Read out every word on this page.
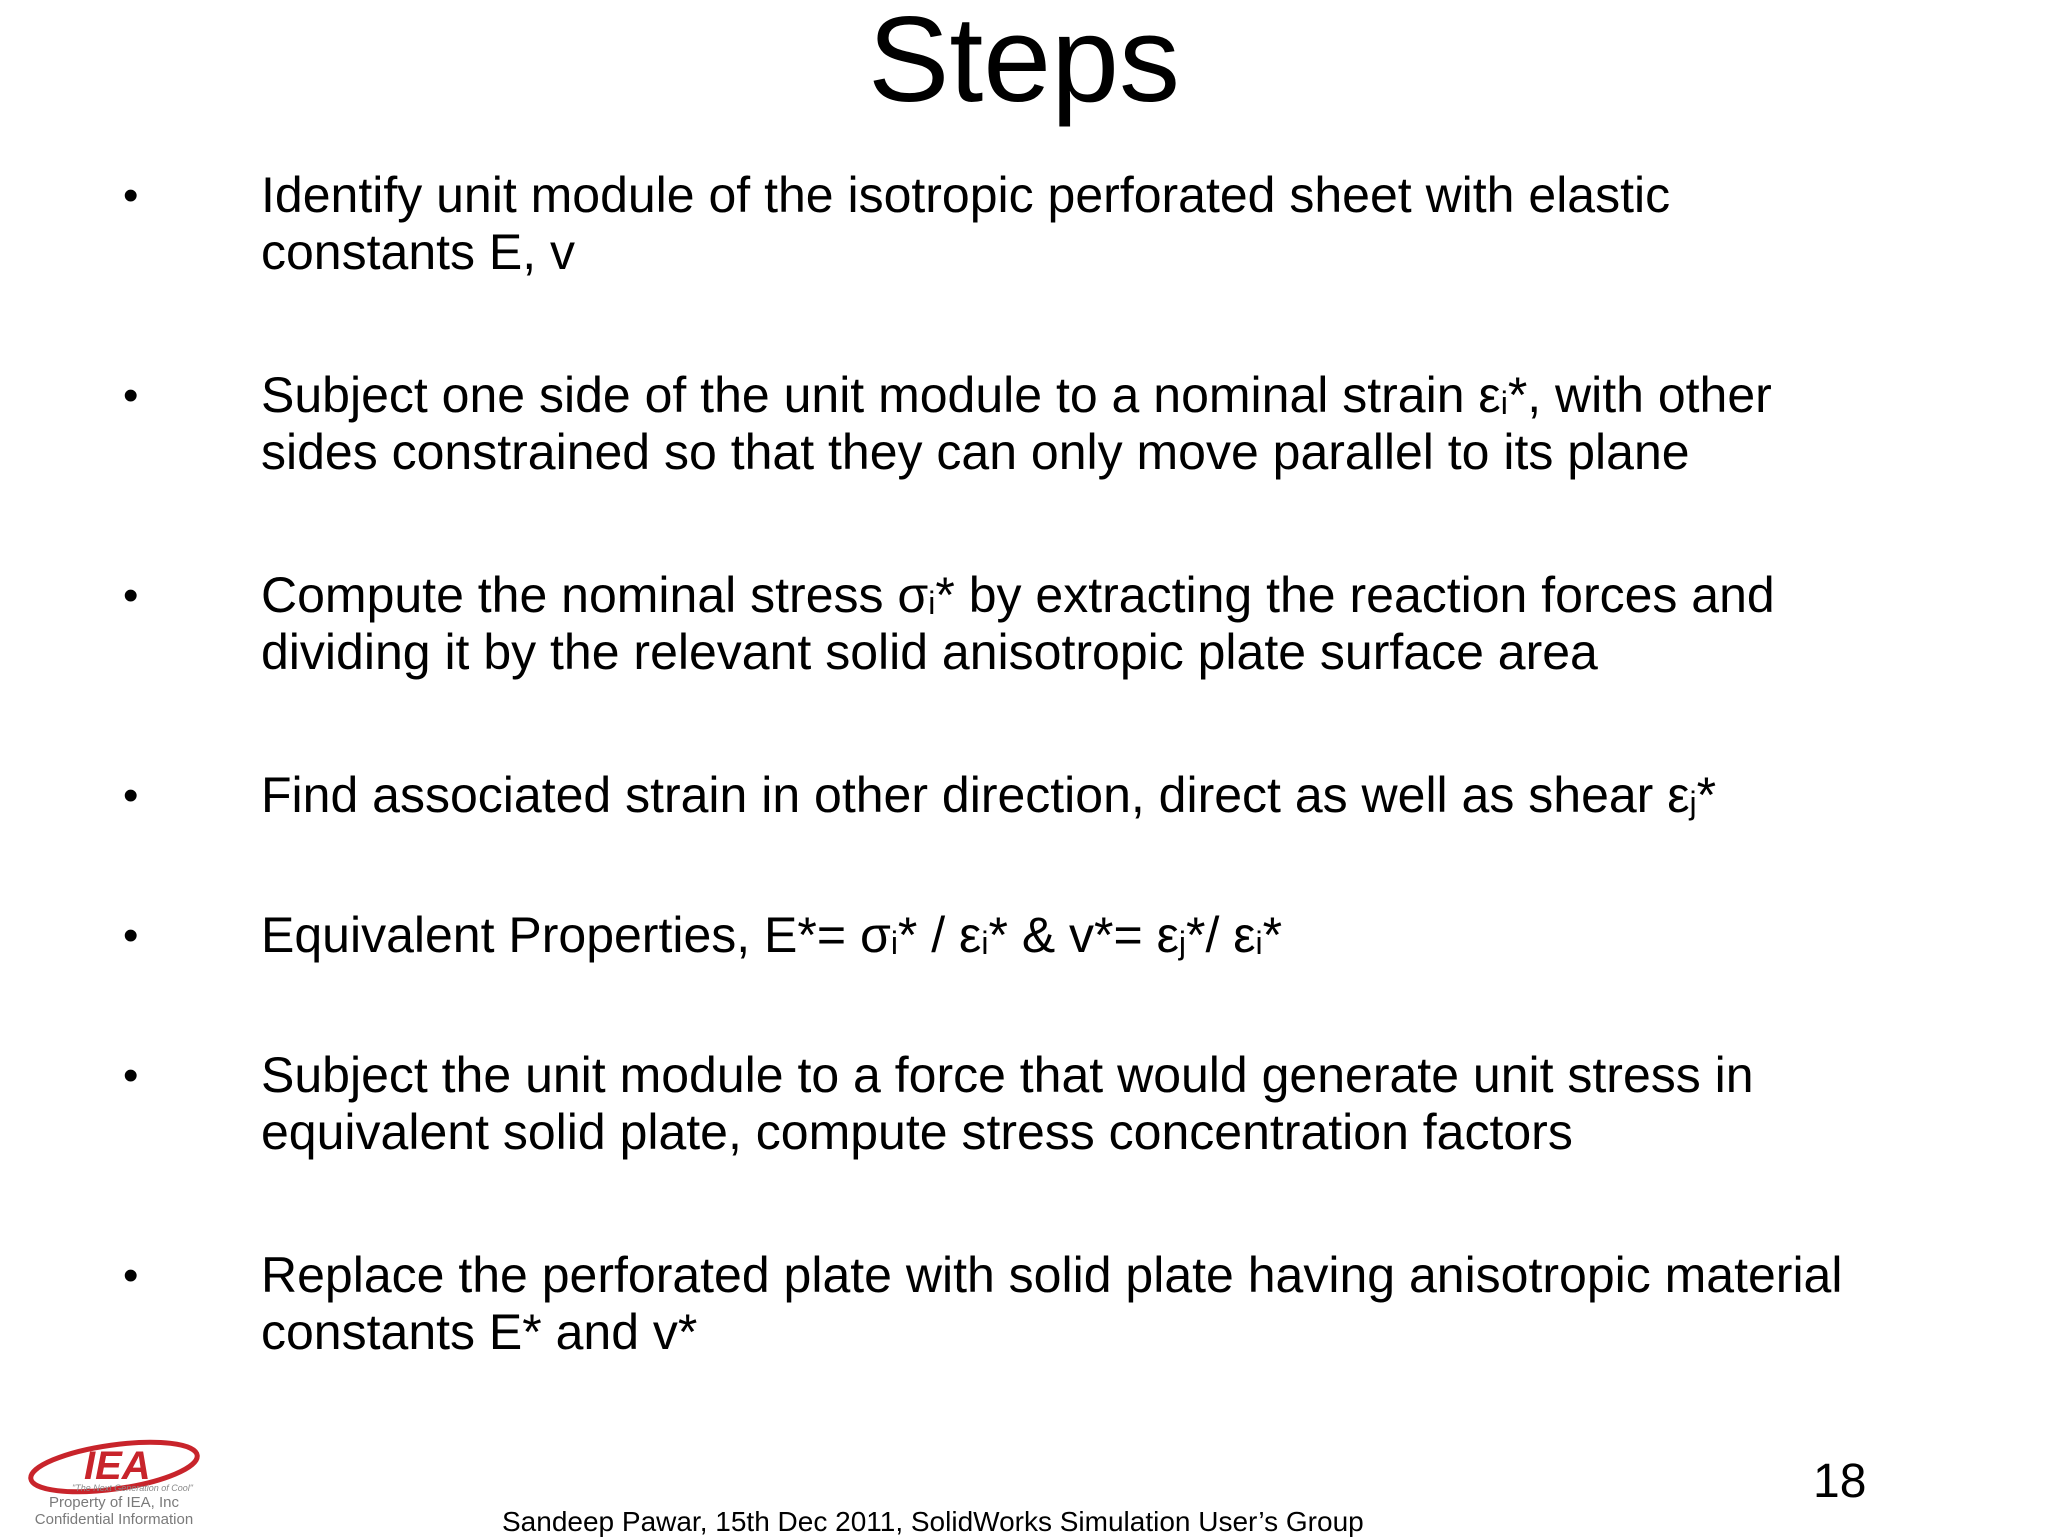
Steps
• Identify unit module of the isotropic perforated sheet with elastic
constants E, v
• Subject one side of the unit module to a nominal strain $\varepsilon_i*$, with other
sides constrained so that they can only move parallel to its plane
• Compute the nominal stress $\sigma_i*$ by extracting the reaction forces and
dividing it by the relevant solid anisotropic plate surface area
• Find associated strain in other direction, direct as well as shear $\varepsilon_j*$
• Equivalent Properties, $E*= \sigma_i* / \varepsilon_i*$ & $v*= \varepsilon_j*/$ $\varepsilon_i*$
• Subject the unit module to a force that would generate unit stress in
equivalent solid plate, compute stress concentration factors
• Replace the perforated plate with solid plate having anisotropic material
constants E* and v*
IEA
"The Next Generation of Cool"
Property of IEA, Inc
Confidential Information	Sandeep Pawar, 15th Dec 2011, SolidWorks Simulation User’s Group
18
